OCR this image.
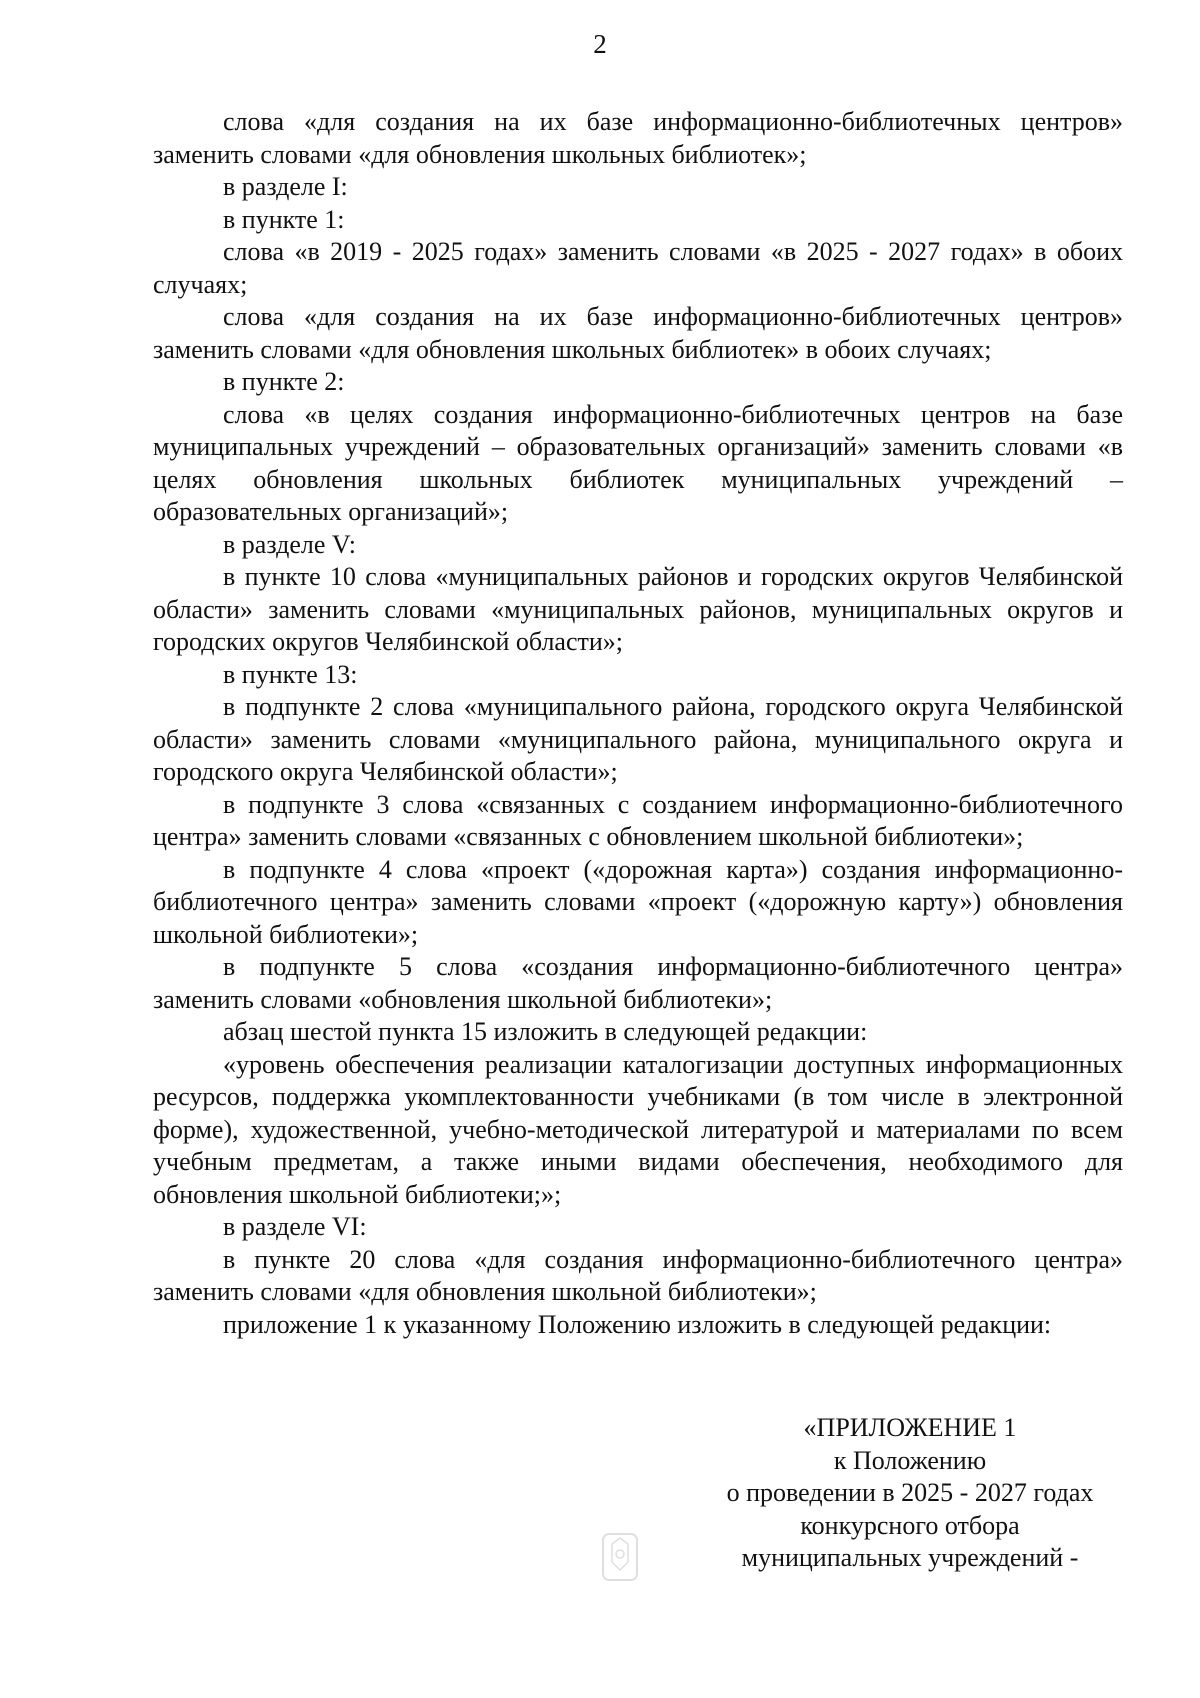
2

слова «для создания на их базе информационно-библиотечных центров» заменить словами «для обновления школьных библиотек»;

в разделе I:

в пункте 1:

слова «в 2019 - 2025 годах» заменить словами «в 2025 - 2027 годах» в обоих случаях;

слова «для создания на их базе информационно-библиотечных центров» заменить словами «для обновления школьных библиотек» в обоих случаях;

в пункте 2:

слова «в целях создания информационно-библиотечных центров на базе муниципальных учреждений – образовательных организаций» заменить словами «в целях обновления школьных библиотек муниципальных учреждений – образовательных организаций»;

в разделе V:

в пункте 10 слова «муниципальных районов и городских округов Челябинской области» заменить словами «муниципальных районов, муниципальных округов и городских округов Челябинской области»;

в пункте 13:

в подпункте 2 слова «муниципального района, городского округа Челябинской области» заменить словами «муниципального района, муниципального округа и городского округа Челябинской области»;

в подпункте 3 слова «связанных с созданием информационно-библиотечного центра» заменить словами «связанных с обновлением школьной библиотеки»;

в подпункте 4 слова «проект («дорожная карта») создания информационно-библиотечного центра» заменить словами «проект («дорожную карту») обновления школьной библиотеки»;

в подпункте 5 слова «создания информационно-библиотечного центра» заменить словами «обновления школьной библиотеки»;

абзац шестой пункта 15 изложить в следующей редакции:

«уровень обеспечения реализации каталогизации доступных информационных ресурсов, поддержка укомплектованности учебниками (в том числе в электронной форме), художественной, учебно-методической литературой и материалами по всем учебным предметам, а также иными видами обеспечения, необходимого для обновления школьной библиотеки;»;

в разделе VI:

в пункте 20 слова «для создания информационно-библиотечного центра» заменить словами «для обновления школьной библиотеки»;

приложение 1 к указанному Положению изложить в следующей редакции:

«ПРИЛОЖЕНИЕ 1
к Положению
о проведении в 2025 - 2027 годах
конкурсного отбора
муниципальных учреждений -
